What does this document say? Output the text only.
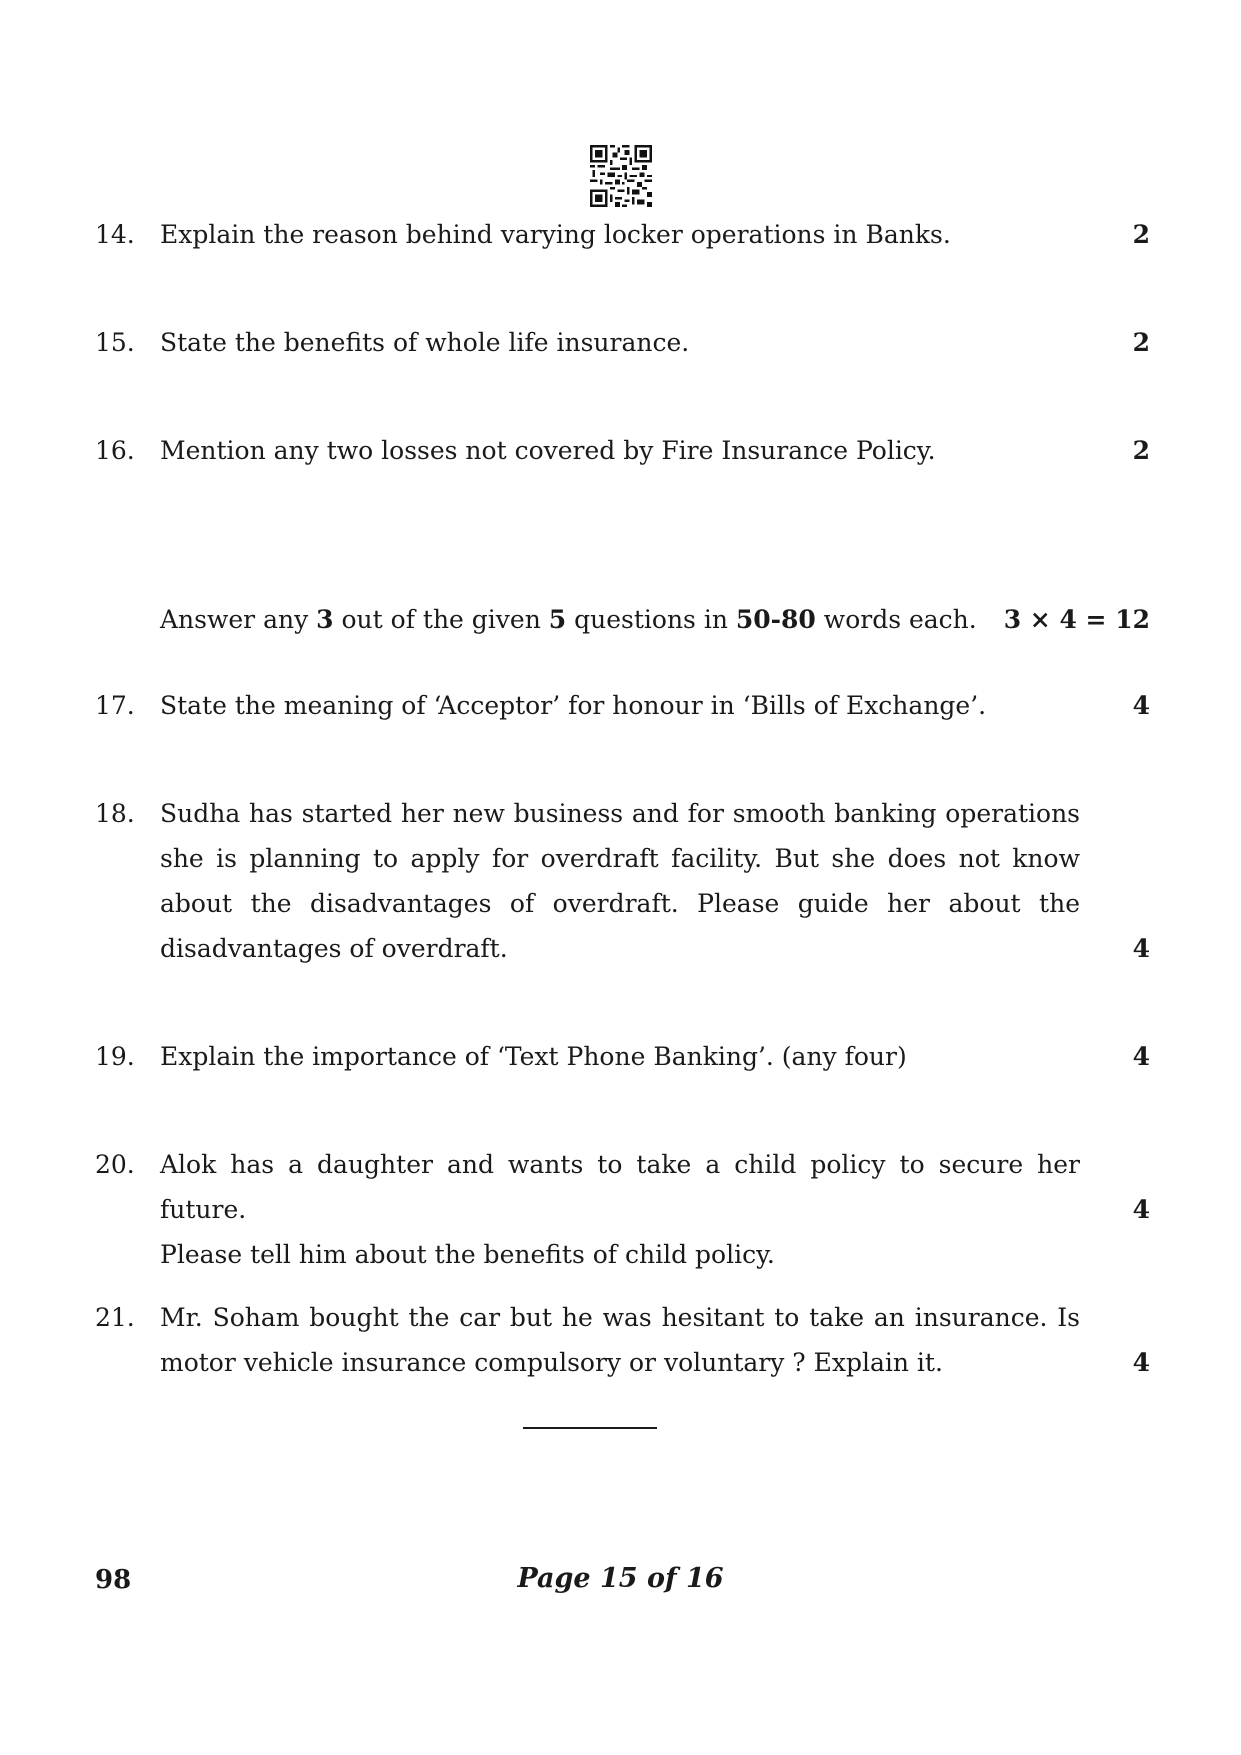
14. Explain the reason behind varying locker operations in Banks.	2
15. State the benefits of whole life insurance.	2
16. Mention any two losses not covered by Fire Insurance Policy.	2
Answer any 3 out of the given 5 questions in 50-80 words each. 3 × 4 = 12
17. State the meaning of ‘Acceptor’ for honour in ‘Bills of Exchange’.	4
18. Sudha has started her new business and for smooth banking operations

she is planning to apply for overdraft facility. But she does not know

about the disadvantages of overdraft. Please guide her about the

disadvantages of overdraft.	4
19. Explain the importance of ‘Text Phone Banking’. (any four)	4
20. Alok has a daughter and wants to take a child policy to secure her future.

Please tell him about the benefits of child policy.

4
21. Mr. Soham bought the car but he was hesitant to take an insurance. Is

motor vehicle insurance compulsory or voluntary ? Explain it.	4
98	Page 15 of 16
